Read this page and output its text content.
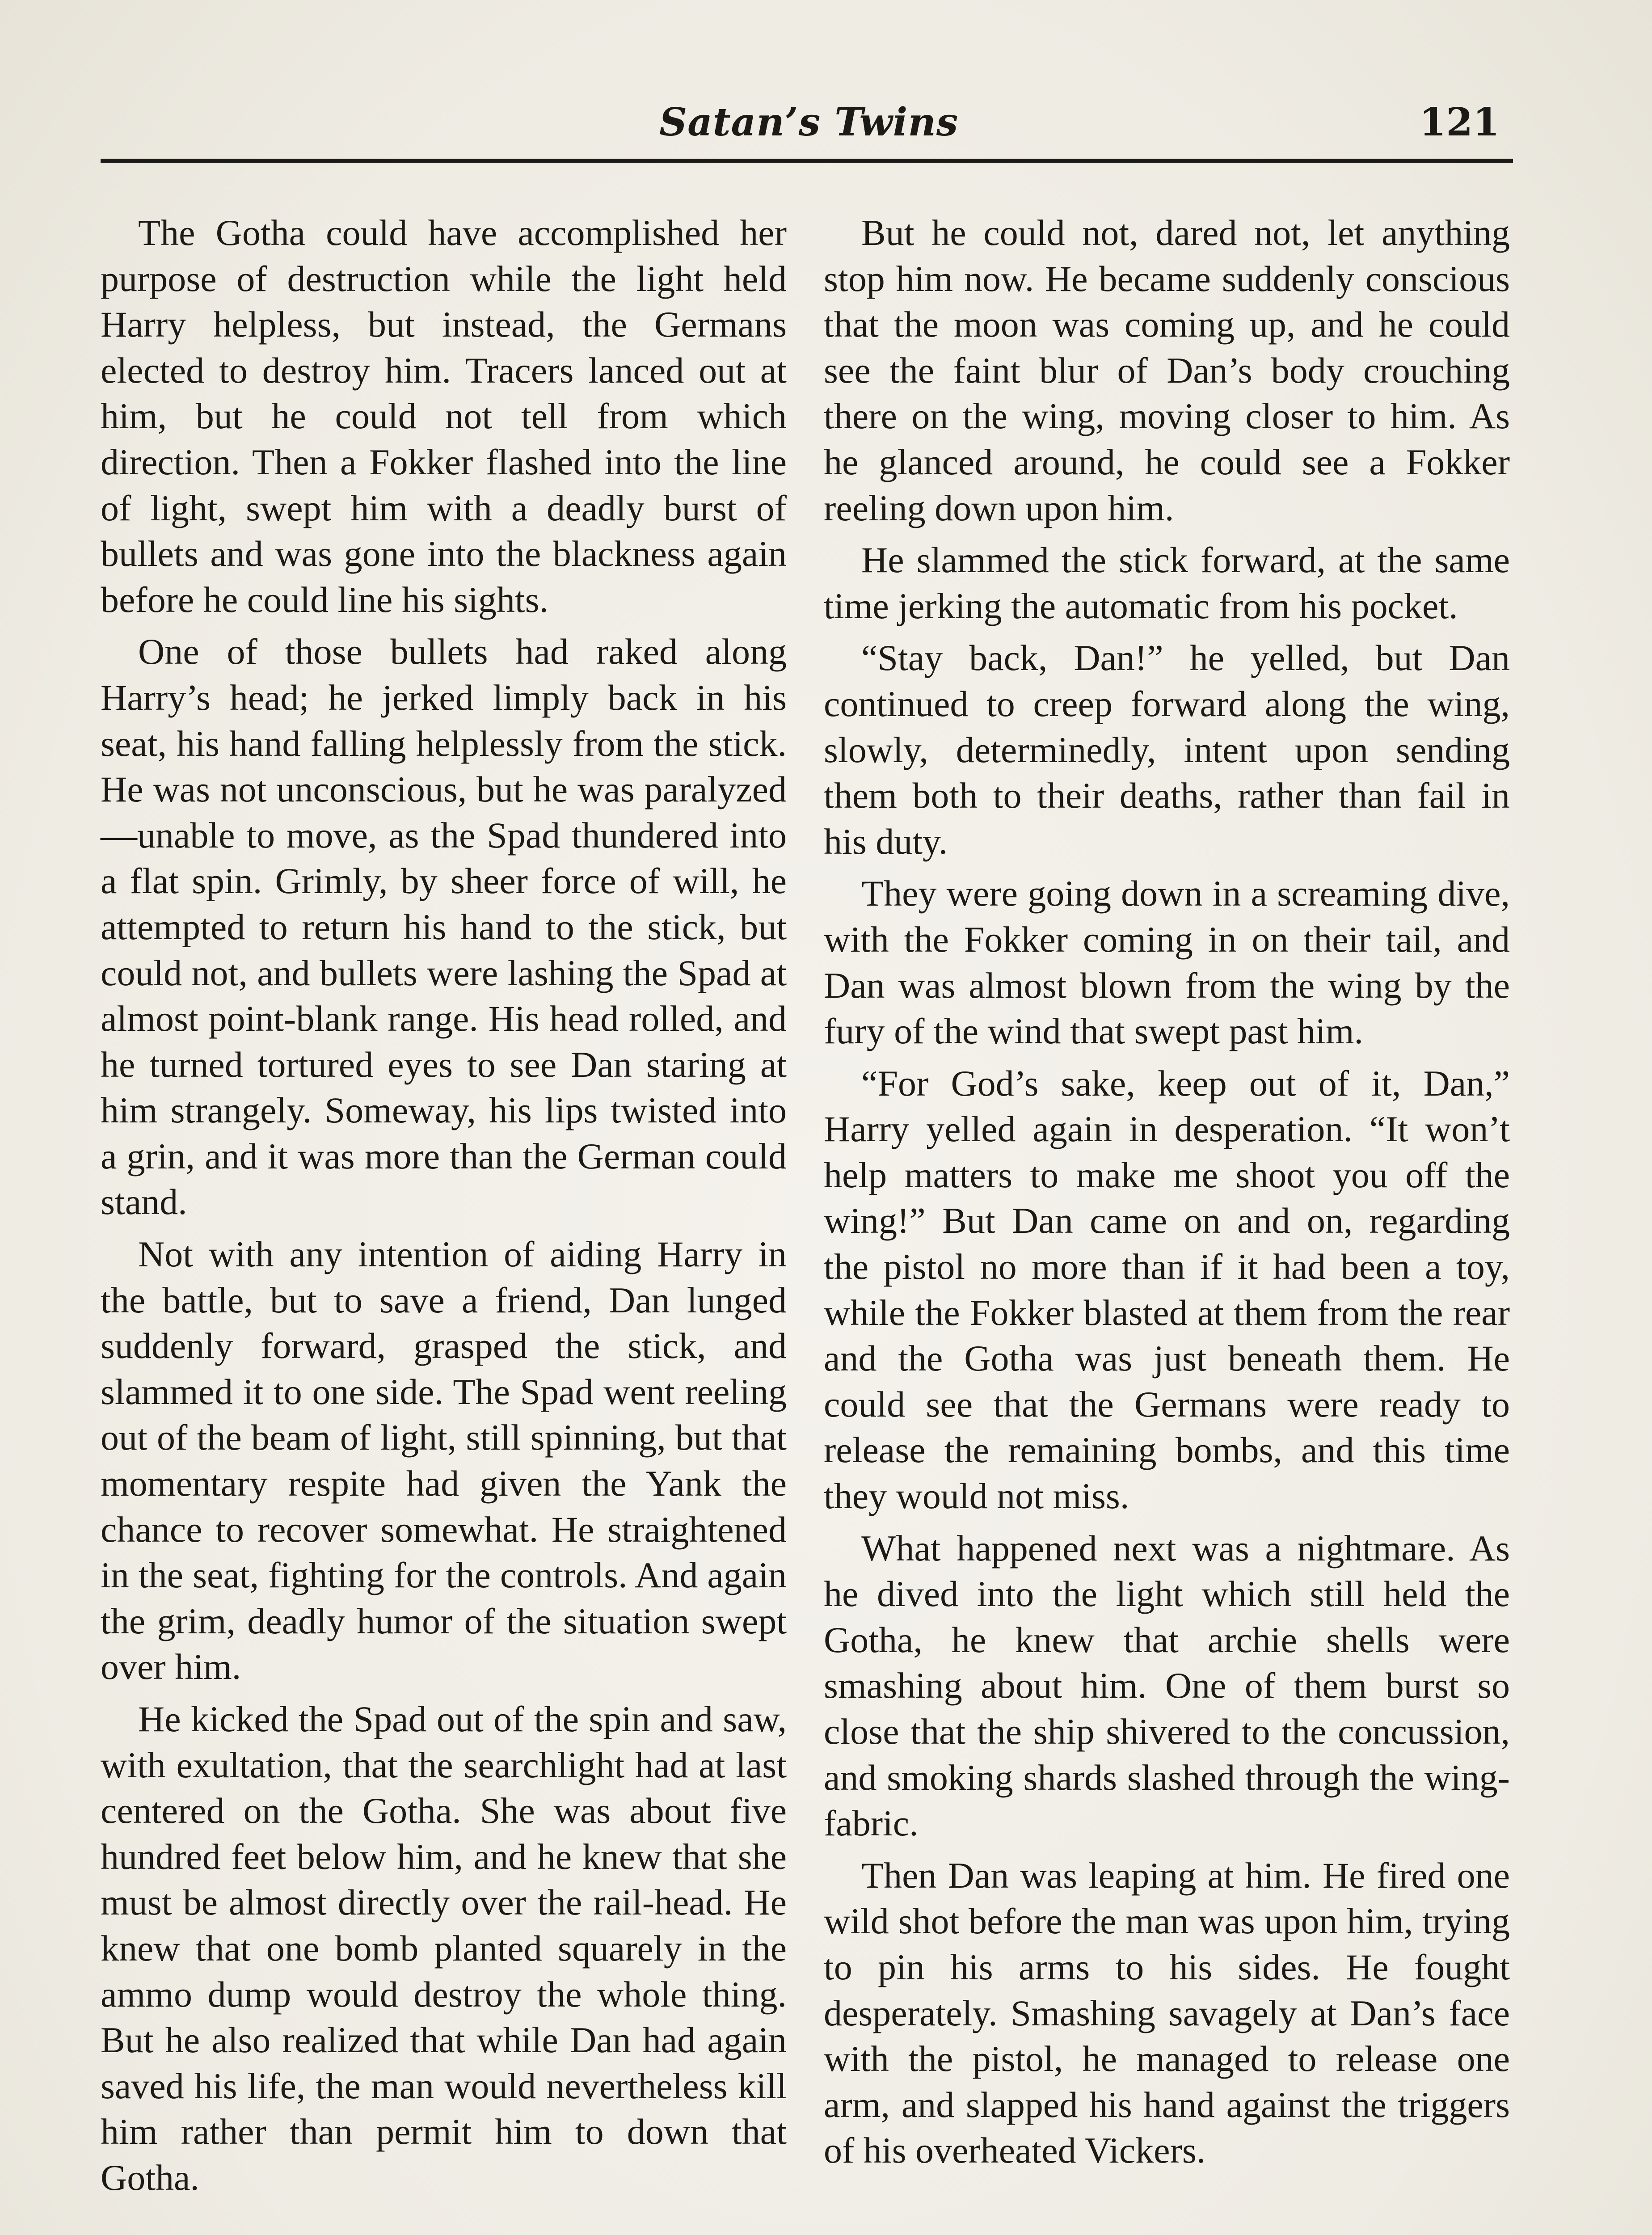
Satan’s Twins	121

The Gotha could have accomplished her purpose of destruction while the light held Harry helpless, but instead, the Germans elected to destroy him. Tracers lanced out at him, but he could not tell from which direction. Then a Fokker flashed into the line of light, swept him with a deadly burst of bullets and was gone into the blackness again before he could line his sights.

One of those bullets had raked along Harry’s head; he jerked limply back in his seat, his hand falling helplessly from the stick. He was not unconscious, but he was paralyzed—unable to move, as the Spad thundered into a flat spin. Grimly, by sheer force of will, he attempted to return his hand to the stick, but could not, and bullets were lashing the Spad at almost point-blank range. His head rolled, and he turned tortured eyes to see Dan staring at him strangely. Someway, his lips twisted into a grin, and it was more than the German could stand.

Not with any intention of aiding Harry in the battle, but to save a friend, Dan lunged suddenly forward, grasped the stick, and slammed it to one side. The Spad went reeling out of the beam of light, still spinning, but that momentary respite had given the Yank the chance to recover somewhat. He straightened in the seat, fighting for the controls. And again the grim, deadly humor of the situation swept over him.

He kicked the Spad out of the spin and saw, with exultation, that the searchlight had at last centered on the Gotha. She was about five hundred feet below him, and he knew that she must be almost directly over the rail-head. He knew that one bomb planted squarely in the ammo dump would destroy the whole thing. But he also realized that while Dan had again saved his life, the man would nevertheless kill him rather than permit him to down that Gotha.

But he could not, dared not, let anything stop him now. He became suddenly conscious that the moon was coming up, and he could see the faint blur of Dan’s body crouching there on the wing, moving closer to him. As he glanced around, he could see a Fokker reeling down upon him.

He slammed the stick forward, at the same time jerking the automatic from his pocket.

“Stay back, Dan!” he yelled, but Dan continued to creep forward along the wing, slowly, determinedly, intent upon sending them both to their deaths, rather than fail in his duty.

They were going down in a screaming dive, with the Fokker coming in on their tail, and Dan was almost blown from the wing by the fury of the wind that swept past him.

“For God’s sake, keep out of it, Dan,” Harry yelled again in desperation. “It won’t help matters to make me shoot you off the wing!” But Dan came on and on, regarding the pistol no more than if it had been a toy, while the Fokker blasted at them from the rear and the Gotha was just beneath them. He could see that the Germans were ready to release the remaining bombs, and this time they would not miss.

What happened next was a nightmare. As he dived into the light which still held the Gotha, he knew that archie shells were smashing about him. One of them burst so close that the ship shivered to the concussion, and smoking shards slashed through the wing-fabric.

Then Dan was leaping at him. He fired one wild shot before the man was upon him, trying to pin his arms to his sides. He fought desperately. Smashing savagely at Dan’s face with the pistol, he managed to release one arm, and slapped his hand against the triggers of his overheated Vickers.
